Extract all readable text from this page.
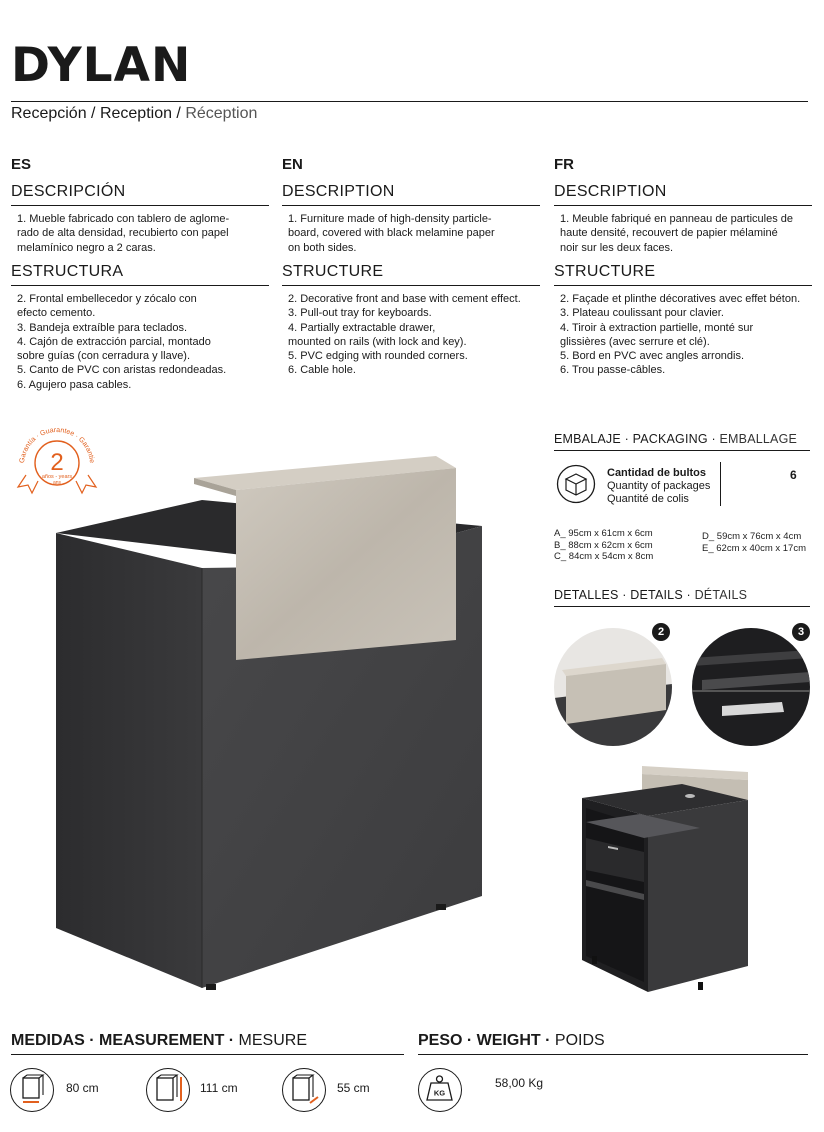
DYLAN
Recepción / Reception / Réception
ES
DESCRIPCIÓN
1. Mueble fabricado con tablero de aglome-
rado de alta densidad, recubierto con papel
melamínico negro a 2 caras.
ESTRUCTURA
2. Frontal embellecedor y zócalo con
efecto cemento.
3. Bandeja extraíble para teclados.
4. Cajón de extracción parcial, montado
sobre guías (con cerradura y llave).
5. Canto de PVC con aristas redondeadas.
6. Agujero pasa cables.
EN
DESCRIPTION
1. Furniture made of high-density particle-
board, covered with black melamine paper
on both sides.
STRUCTURE
2. Decorative front and base with cement effect.
3. Pull-out tray for keyboards.
4. Partially extractable drawer,
mounted on rails (with lock and key).
5. PVC edging with rounded corners.
6. Cable hole.
FR
DESCRIPTION
1. Meuble fabriqué en panneau de particules de
haute densité, recouvert de papier mélaminé
noir sur les deux faces.
STRUCTURE
2. Façade et plinthe décoratives avec effet béton.
3. Plateau coulissant pour clavier.
4. Tiroir à extraction partielle, monté sur
glissières (avec serrure et clé).
5. Bord en PVC avec angles arrondis.
6. Trou passe-câbles.
Garantía · Guarantee · Garantie
2
años - years
ans
EMBALAJE · PACKAGING · EMBALLAGE
Cantidad de bultos
Quantity of packages
Quantité de colis
6
A_ 95cm x 61cm x 6cm
B_ 88cm x 62cm x 6cm
C_ 84cm x 54cm x 8cm
D_ 59cm x 76cm x 4cm
E_ 62cm x 40cm x 17cm
DETALLES · DETAILS · DÉTAILS
2	3
MEDIDAS · MEASUREMENT · MESURE
80 cm	111 cm	55 cm
PESO · WEIGHT · POIDS
KG
58,00 Kg
